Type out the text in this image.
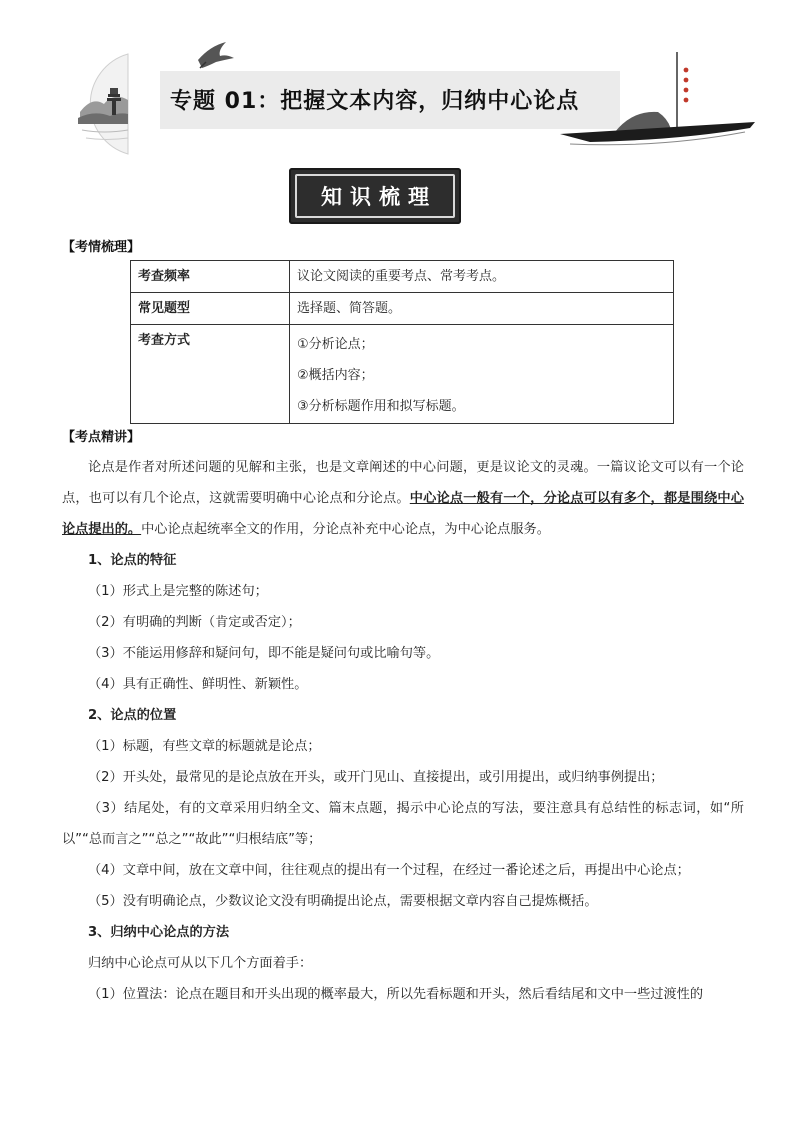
专题 01：把握文本内容，归纳中心论点
知识梳理
【考情梳理】
考查频率	议论文阅读的重要考点、常考考点。
常见题型	选择题、简答题。
考查方式	①分析论点；
②概括内容；
③分析标题作用和拟写标题。
【考点精讲】

论点是作者对所述问题的见解和主张，也是文章阐述的中心问题，更是议论文的灵魂。一篇议论文可以有一个论点，也可以有几个论点，这就需要明确中心论点和分论点。中心论点一般有一个，分论点可以有多个，都是围绕中心论点提出的。中心论点起统率全文的作用，分论点补充中心论点，为中心论点服务。

1、论点的特征

（1）形式上是完整的陈述句；

（2）有明确的判断（肯定或否定）；

（3）不能运用修辞和疑问句，即不能是疑问句或比喻句等。

（4）具有正确性、鲜明性、新颖性。

2、论点的位置

（1）标题，有些文章的标题就是论点；

（2）开头处，最常见的是论点放在开头，或开门见山、直接提出，或引用提出，或归纳事例提出；

（3）结尾处，有的文章采用归纳全文、篇末点题，揭示中心论点的写法，要注意具有总结性的标志词，如“所以”“总而言之”“总之”“故此”“归根结底”等；

（4）文章中间，放在文章中间，往往观点的提出有一个过程，在经过一番论述之后，再提出中心论点；

（5）没有明确论点，少数议论文没有明确提出论点，需要根据文章内容自己提炼概括。

3、归纳中心论点的方法

归纳中心论点可从以下几个方面着手：

（1）位置法：论点在题目和开头出现的概率最大，所以先看标题和开头，然后看结尾和文中一些过渡性的
